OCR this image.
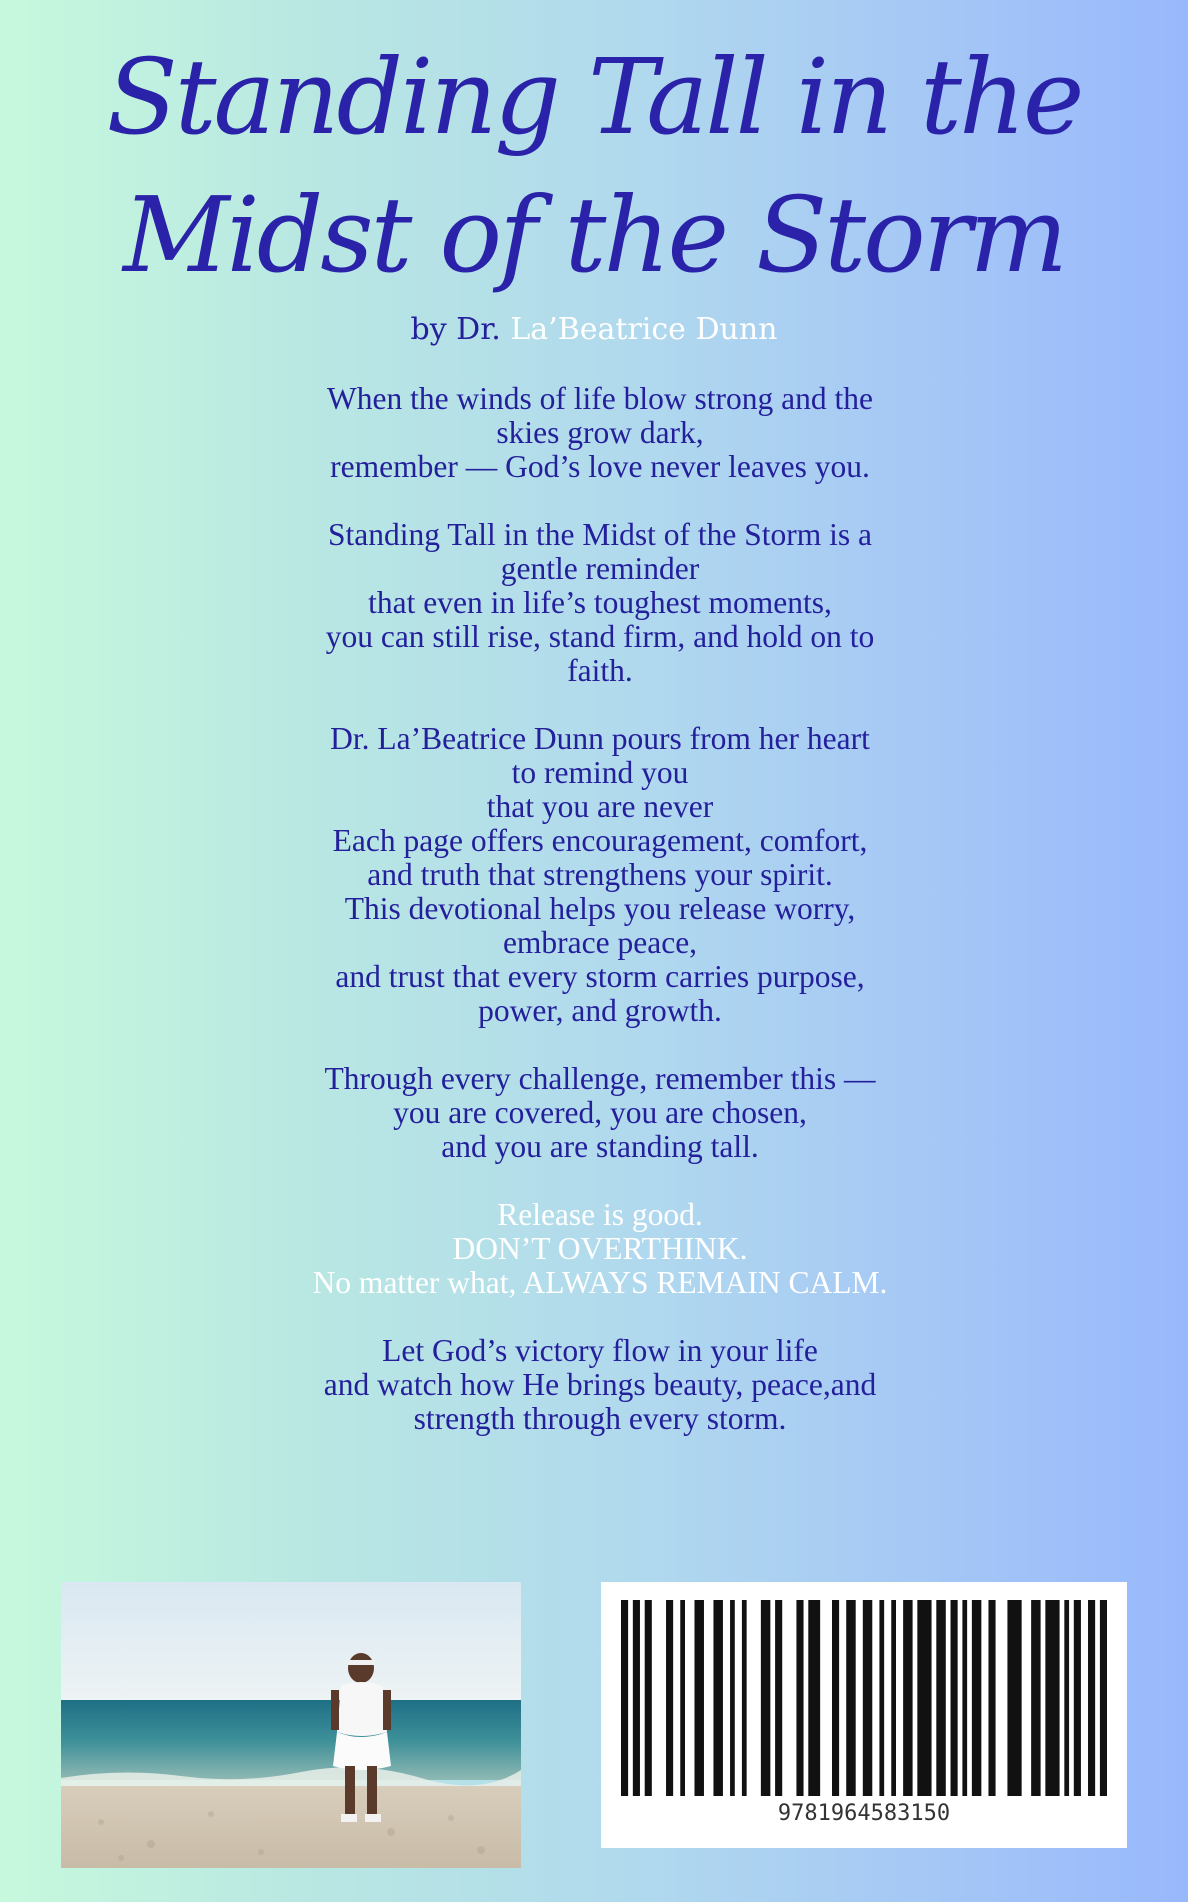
Standing Tall in the
Midst of the Storm
by Dr. La’Beatrice Dunn
When the winds of life blow strong and the
skies grow dark,
remember — God’s love never leaves you.
Standing Tall in the Midst of the Storm is a
gentle reminder
that even in life’s toughest moments,
you can still rise, stand firm, and hold on to
faith.
Dr. La’Beatrice Dunn pours from her heart
to remind you
that you are never
Each page offers encouragement, comfort,
and truth that strengthens your spirit.
This devotional helps you release worry,
embrace peace,
and trust that every storm carries purpose,
power, and growth.
Through every challenge, remember this —
you are covered, you are chosen,
and you are standing tall.
Release is good.
DON’T OVERTHINK.
No matter what, ALWAYS REMAIN CALM.
Let God’s victory flow in your life
and watch how He brings beauty, peace,and
strength through every storm.
9781964583150
